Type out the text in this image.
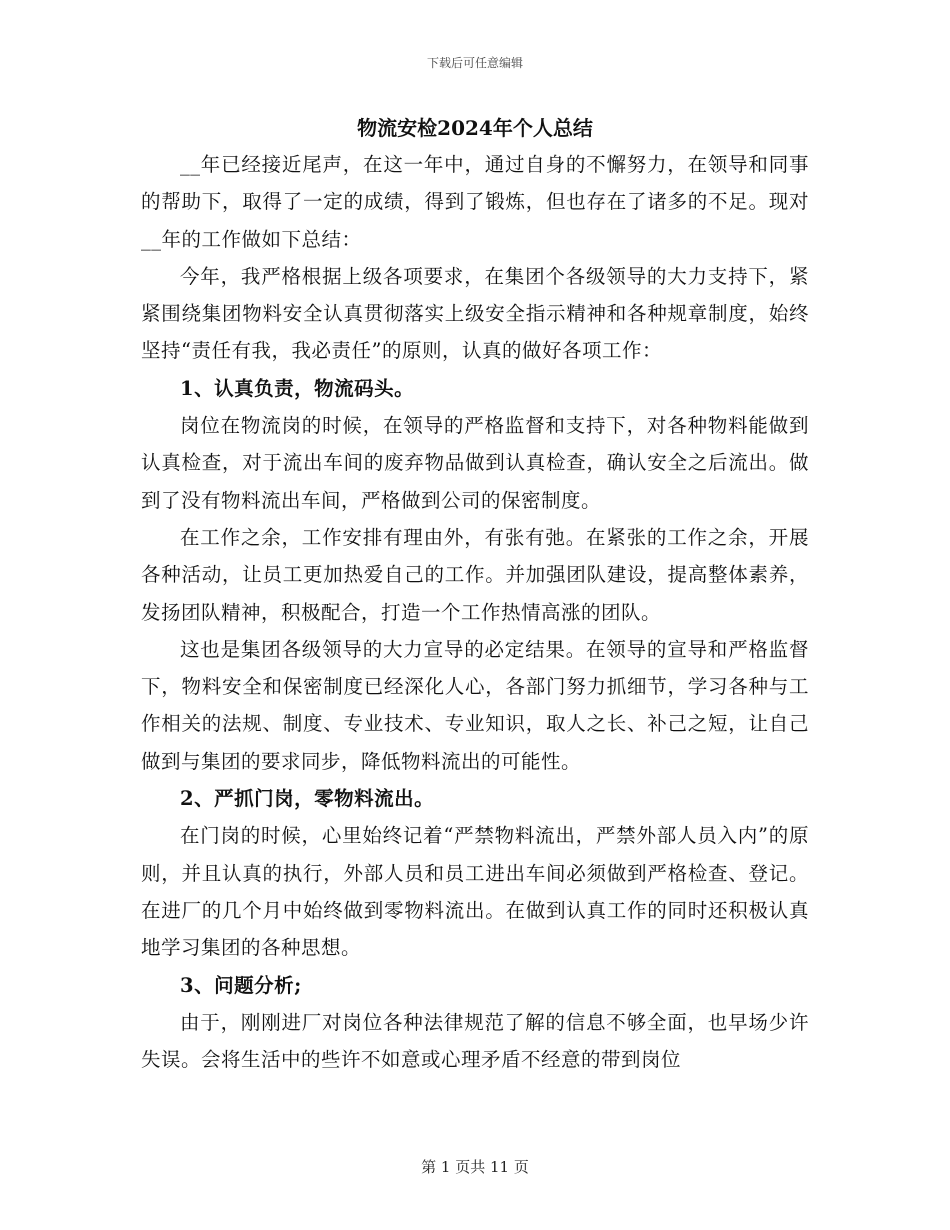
下载后可任意编辑
物流安检2024年个人总结

__年已经接近尾声，在这一年中，通过自身的不懈努力，在领导和同事的帮助下，取得了一定的成绩，得到了锻炼，但也存在了诸多的不足。现对__年的工作做如下总结：

今年，我严格根据上级各项要求，在集团个各级领导的大力支持下，紧紧围绕集团物料安全认真贯彻落实上级安全指示精神和各种规章制度，始终坚持“责任有我，我必责任”的原则，认真的做好各项工作：

1、认真负责，物流码头。

岗位在物流岗的时候，在领导的严格监督和支持下，对各种物料能做到认真检查，对于流出车间的废弃物品做到认真检查，确认安全之后流出。做到了没有物料流出车间，严格做到公司的保密制度。

在工作之余，工作安排有理由外，有张有弛。在紧张的工作之余，开展各种活动，让员工更加热爱自己的工作。并加强团队建设，提高整体素养，发扬团队精神，积极配合，打造一个工作热情高涨的团队。

这也是集团各级领导的大力宣导的必定结果。在领导的宣导和严格监督下，物料安全和保密制度已经深化人心，各部门努力抓细节，学习各种与工作相关的法规、制度、专业技术、专业知识，取人之长、补己之短，让自己做到与集团的要求同步，降低物料流出的可能性。

2、严抓门岗，零物料流出。

在门岗的时候，心里始终记着“严禁物料流出，严禁外部人员入内”的原则，并且认真的执行，外部人员和员工进出车间必须做到严格检查、登记。在进厂的几个月中始终做到零物料流出。在做到认真工作的同时还积极认真地学习集团的各种思想。

3、问题分析;

由于，刚刚进厂对岗位各种法律规范了解的信息不够全面，也早场少许失误。会将生活中的些许不如意或心理矛盾不经意的带到岗位

第 1 页共 11 页
